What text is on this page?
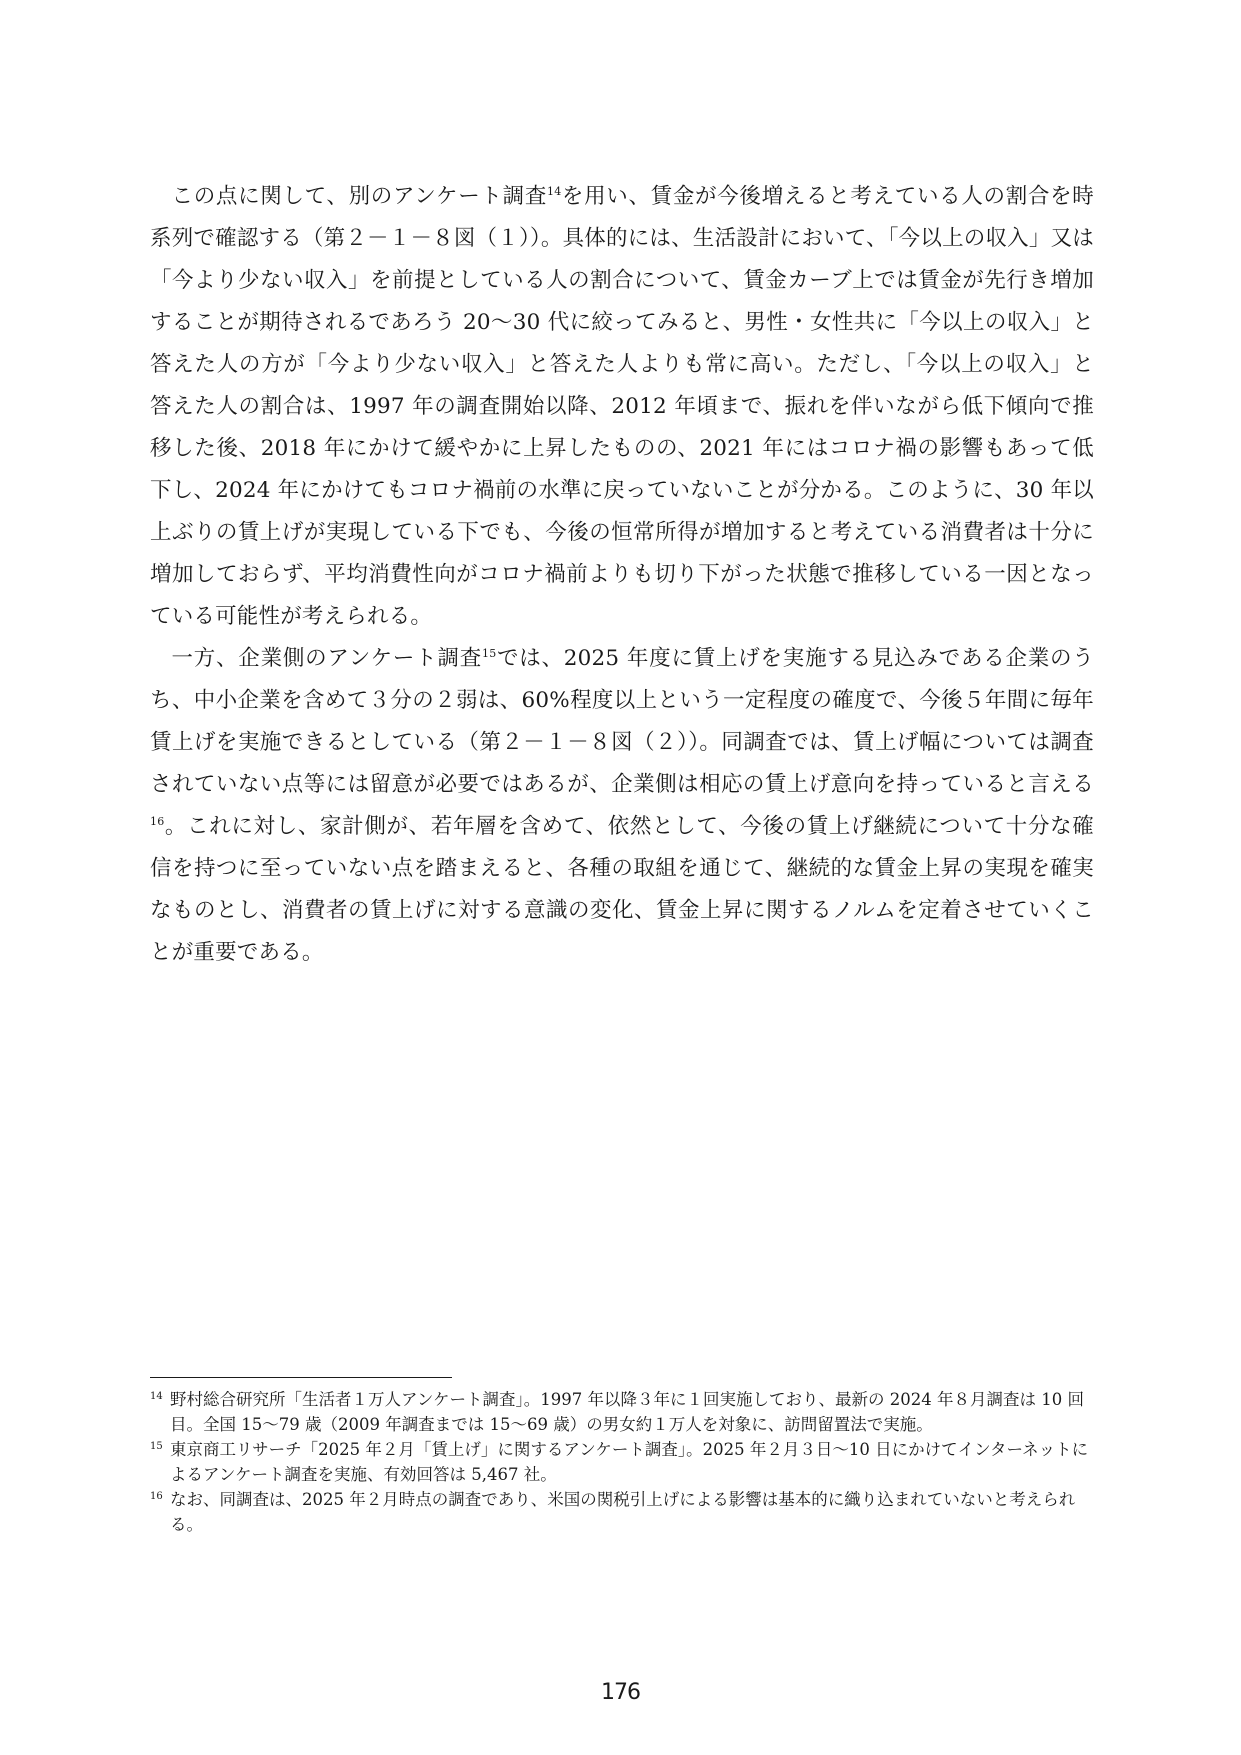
この点に関して、別のアンケート調査$^{14}$を用い、賃金が今後増えると考えている人の割合を時系列で確認する（第２－１－８図（１））。具体的には、生活設計において、「今以上の収入」又は「今より少ない収入」を前提としている人の割合について、賃金カーブ上では賃金が先行き増加することが期待されるであろう 20〜30 代に絞ってみると、男性・女性共に「今以上の収入」と答えた人の方が「今より少ない収入」と答えた人よりも常に高い。ただし、「今以上の収入」と答えた人の割合は、1997 年の調査開始以降、2012 年頃まで、振れを伴いながら低下傾向で推移した後、2018 年にかけて緩やかに上昇したものの、2021 年にはコロナ禍の影響もあって低下し、2024 年にかけてもコロナ禍前の水準に戻っていないことが分かる。このように、30 年以上ぶりの賃上げが実現している下でも、今後の恒常所得が増加すると考えている消費者は十分に増加しておらず、平均消費性向がコロナ禍前よりも切り下がった状態で推移している一因となっている可能性が考えられる。

一方、企業側のアンケート調査$^{15}$では、2025 年度に賃上げを実施する見込みである企業のうち、中小企業を含めて３分の２弱は、60%程度以上という一定程度の確度で、今後５年間に毎年賃上げを実施できるとしている（第２－１－８図（２））。同調査では、賃上げ幅については調査されていない点等には留意が必要ではあるが、企業側は相応の賃上げ意向を持っていると言える$^{16}$。これに対し、家計側が、若年層を含めて、依然として、今後の賃上げ継続について十分な確信を持つに至っていない点を踏まえると、各種の取組を通じて、継続的な賃金上昇の実現を確実なものとし、消費者の賃上げに対する意識の変化、賃金上昇に関するノルムを定着させていくことが重要である。

14 野村総合研究所「生活者１万人アンケート調査」。1997 年以降３年に１回実施しており、最新の 2024 年８月調査は 10 回目。全国 15〜79 歳（2009 年調査までは 15〜69 歳）の男女約１万人を対象に、訪問留置法で実施。

15 東京商工リサーチ「2025 年２月「賃上げ」に関するアンケート調査」。2025 年２月３日〜10 日にかけてインターネットによるアンケート調査を実施、有効回答は 5,467 社。

16 なお、同調査は、2025 年２月時点の調査であり、米国の関税引上げによる影響は基本的に織り込まれていないと考えられる。

176
